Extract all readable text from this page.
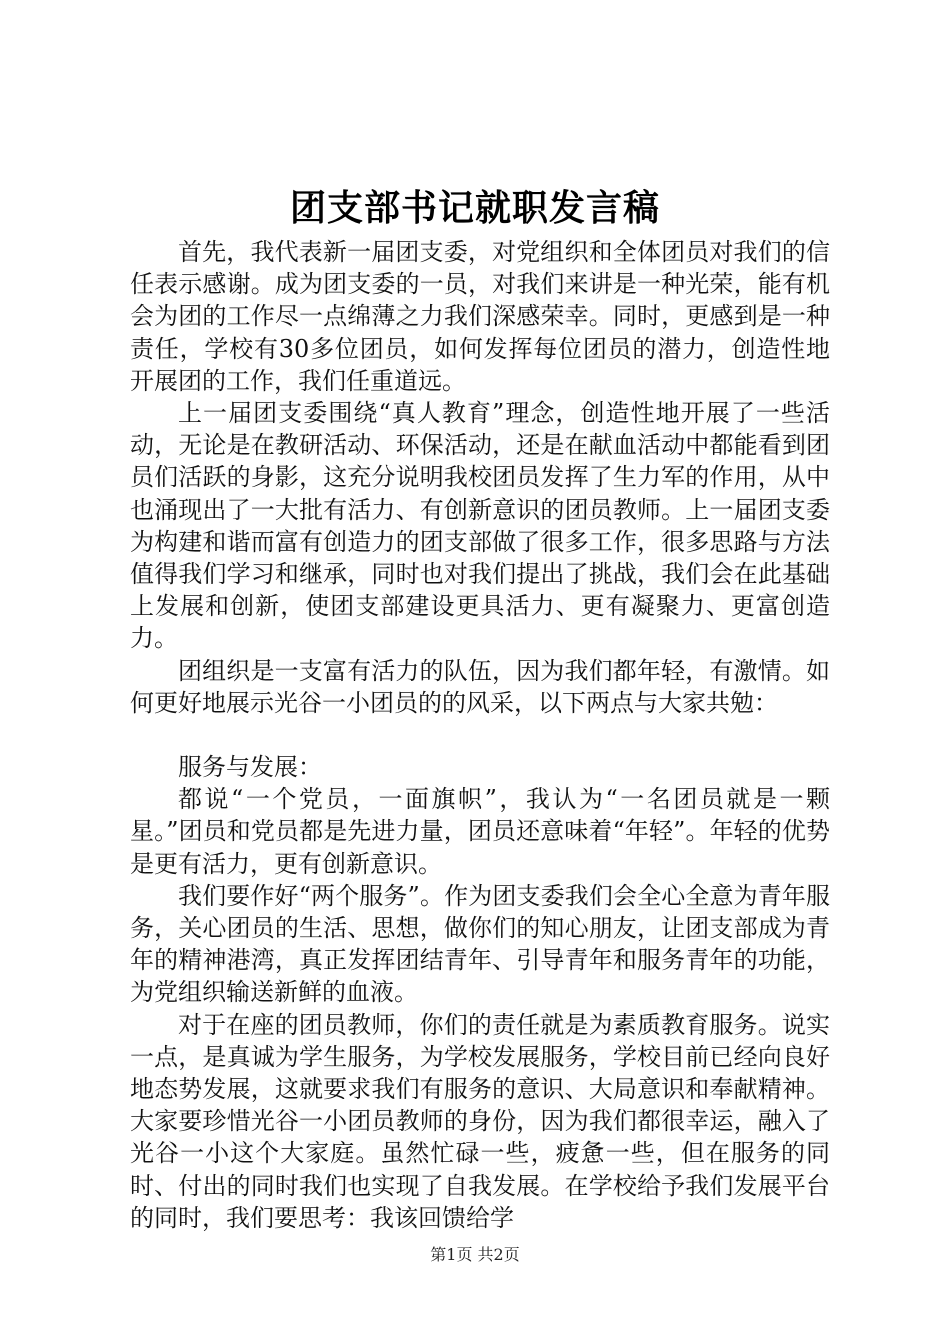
团支部书记就职发言稿

首先，我代表新一届团支委，对党组织和全体团员对我们的信任表示感谢。成为团支委的一员，对我们来讲是一种光荣，能有机会为团的工作尽一点绵薄之力我们深感荣幸。同时，更感到是一种责任，学校有30多位团员，如何发挥每位团员的潜力，创造性地开展团的工作，我们任重道远。

上一届团支委围绕“真人教育”理念，创造性地开展了一些活动，无论是在教研活动、环保活动，还是在献血活动中都能看到团员们活跃的身影，这充分说明我校团员发挥了生力军的作用，从中也涌现出了一大批有活力、有创新意识的团员教师。上一届团支委为构建和谐而富有创造力的团支部做了很多工作，很多思路与方法值得我们学习和继承，同时也对我们提出了挑战，我们会在此基础上发展和创新，使团支部建设更具活力、更有凝聚力、更富创造力。

团组织是一支富有活力的队伍，因为我们都年轻，有激情。如何更好地展示光谷一小团员的的风采，以下两点与大家共勉：

服务与发展：

都说“一个党员，一面旗帜”，我认为“一名团员就是一颗星。”团员和党员都是先进力量，团员还意味着“年轻”。年轻的优势是更有活力，更有创新意识。

我们要作好“两个服务”。作为团支委我们会全心全意为青年服务，关心团员的生活、思想，做你们的知心朋友，让团支部成为青年的精神港湾，真正发挥团结青年、引导青年和服务青年的功能，为党组织输送新鲜的血液。

对于在座的团员教师，你们的责任就是为素质教育服务。说实一点，是真诚为学生服务，为学校发展服务，学校目前已经向良好地态势发展，这就要求我们有服务的意识、大局意识和奉献精神。大家要珍惜光谷一小团员教师的身份，因为我们都很幸运，融入了光谷一小这个大家庭。虽然忙碌一些，疲惫一些，但在服务的同时、付出的同时我们也实现了自我发展。在学校给予我们发展平台的同时，我们要思考：我该回馈给学

第1页 共2页
